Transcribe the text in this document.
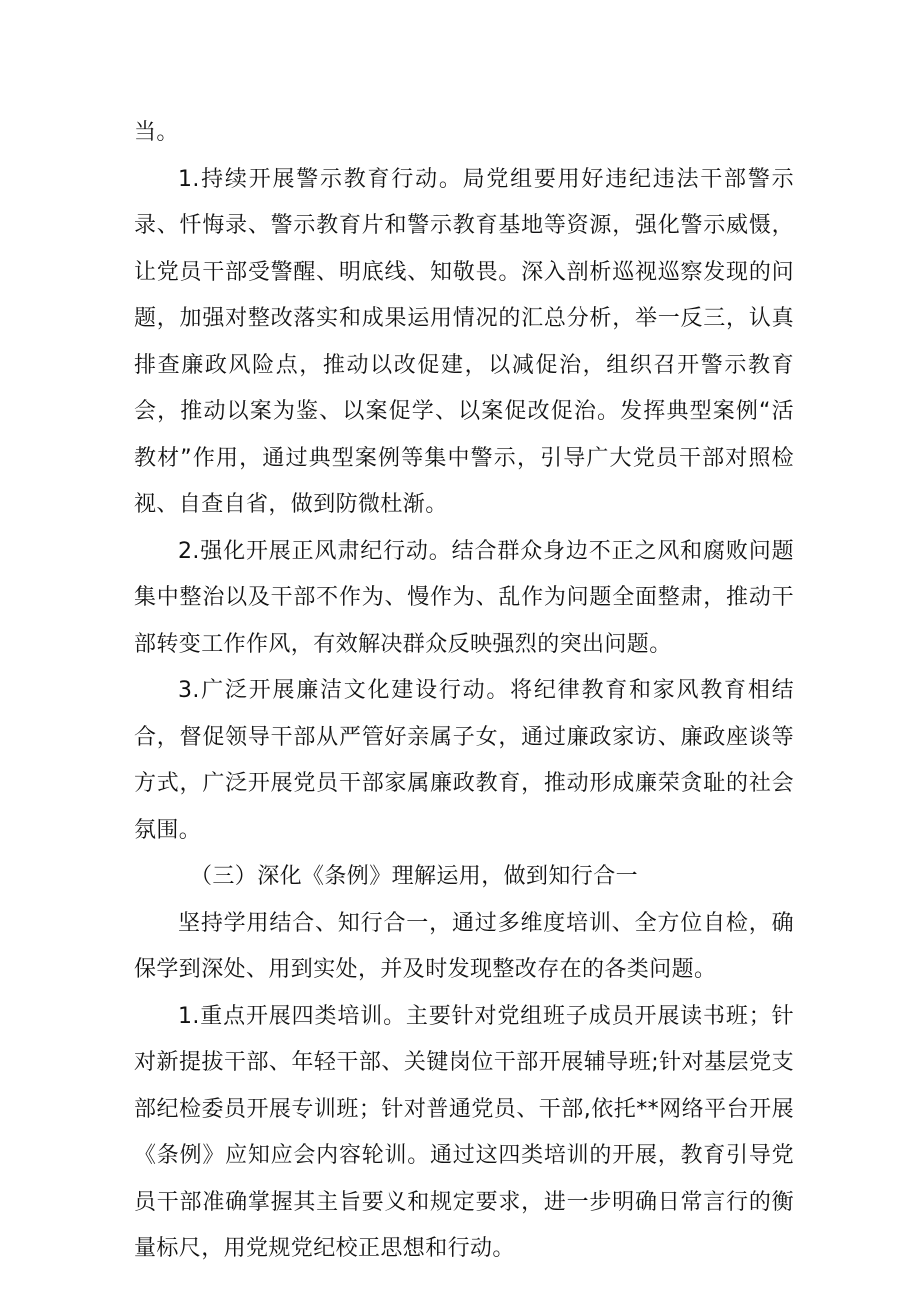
当。

1.持续开展警示教育行动。局党组要用好违纪违法干部警示录、忏悔录、警示教育片和警示教育基地等资源，强化警示威慑，让党员干部受警醒、明底线、知敬畏。深入剖析巡视巡察发现的问题，加强对整改落实和成果运用情况的汇总分析，举一反三，认真排查廉政风险点，推动以改促建，以减促治，组织召开警示教育会，推动以案为鉴、以案促学、以案促改促治。发挥典型案例“活教材”作用，通过典型案例等集中警示，引导广大党员干部对照检视、自查自省，做到防微杜渐。

2.强化开展正风肃纪行动。结合群众身边不正之风和腐败问题集中整治以及干部不作为、慢作为、乱作为问题全面整肃，推动干部转变工作作风，有效解决群众反映强烈的突出问题。

3.广泛开展廉洁文化建设行动。将纪律教育和家风教育相结合，督促领导干部从严管好亲属子女，通过廉政家访、廉政座谈等方式，广泛开展党员干部家属廉政教育，推动形成廉荣贪耻的社会氛围。

（三）深化《条例》理解运用，做到知行合一

坚持学用结合、知行合一，通过多维度培训、全方位自检，确保学到深处、用到实处，并及时发现整改存在的各类问题。

1.重点开展四类培训。主要针对党组班子成员开展读书班；针对新提拔干部、年轻干部、关键岗位干部开展辅导班;针对基层党支部纪检委员开展专训班；针对普通党员、干部,依托**网络平台开展《条例》应知应会内容轮训。通过这四类培训的开展，教育引导党员干部准确掌握其主旨要义和规定要求，进一步明确日常言行的衡量标尺，用党规党纪校正思想和行动。
